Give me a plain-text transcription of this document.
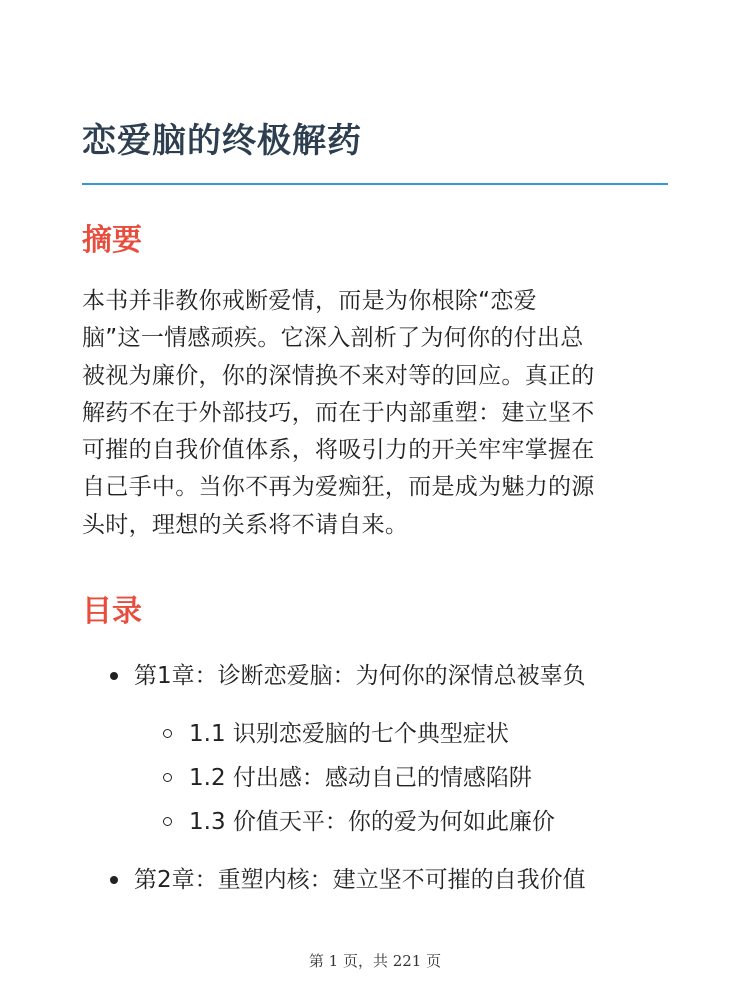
恋爱脑的终极解药
摘要

本书并非教你戒断爱情，而是为你根除“恋爱
脑”这一情感顽疾。它深入剖析了为何你的付出总
被视为廉价，你的深情换不来对等的回应。真正的
解药不在于外部技巧，而在于内部重塑：建立坚不
可摧的自我价值体系，将吸引力的开关牢牢掌握在
自己手中。当你不再为爱痴狂，而是成为魅力的源
头时，理想的关系将不请自来。

目录
第1章：诊断恋爱脑：为何你的深情总被辜负
1.1 识别恋爱脑的七个典型症状
1.2 付出感：感动自己的情感陷阱
1.3 价值天平：你的爱为何如此廉价
第2章：重塑内核：建立坚不可摧的自我价值
第 1 页，共 221 页
